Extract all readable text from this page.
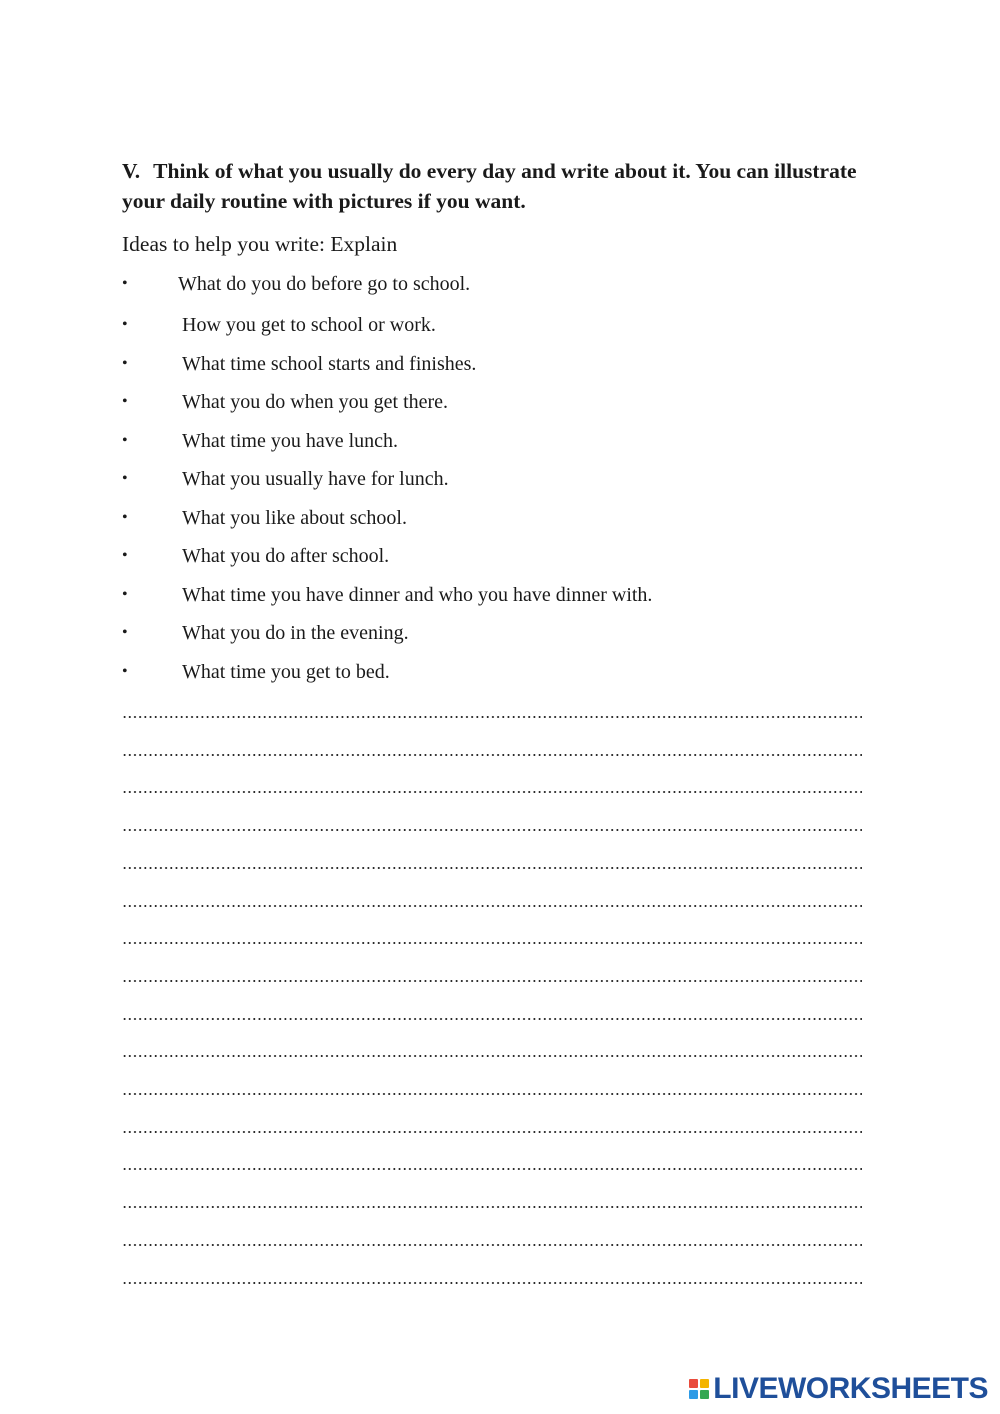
V. Think of what you usually do every day and write about it. You can illustrate your daily routine with pictures if you want.

Ideas to help you write: Explain

•	What do you do before go to school.
•	How you get to school or work.
•	What time school starts and finishes.
•	What you do when you get there.
•	What time you have lunch.
•	What you usually have for lunch.
•	What you like about school.
•	What you do after school.
•	What time you have dinner and who you have dinner with.
•	What you do in the evening.
•	What time you get to bed.
LIVEWORKSHEETS
